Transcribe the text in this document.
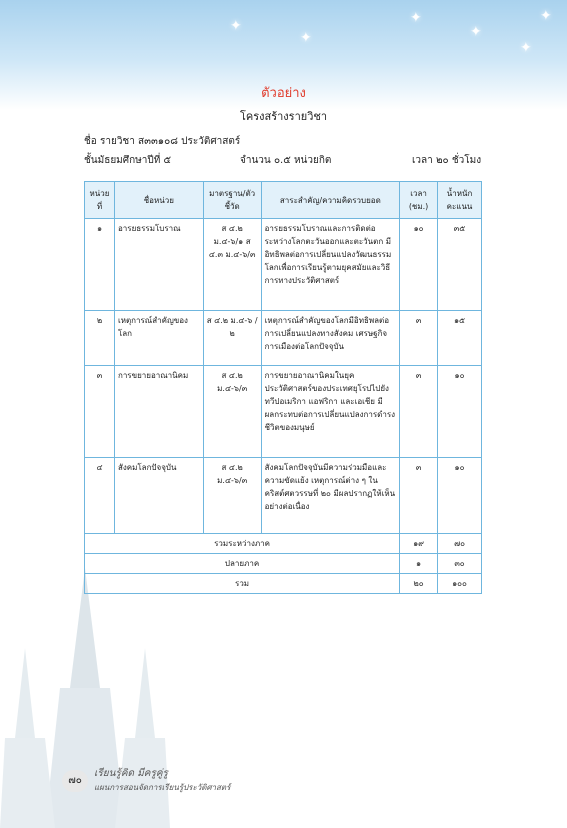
✦
✦
✦
✦
✦
✦
ตัวอย่าง
โครงสร้างรายวิชา
ชื่อ รายวิชา ส๓๓๑๐๘ ประวัติศาสตร์
ชั้นมัธยมศึกษาปีที่ ๕	จำนวน ๐.๕ หน่วยกิต	เวลา ๒๐ ชั่วโมง
หน่วยที่	ชื่อหน่วย	มาตรฐาน/ตัวชี้วัด	สาระสำคัญ/ความคิดรวบยอด	เวลา (ชม.)	น้ำหนักคะแนน
๑	อารยธรรมโบราณ	ส ๔.๒ ม.๔-๖/๑ ส ๔.๓ ม.๔-๖/๓	อารยธรรมโบราณและการติดต่อระหว่างโลกตะวันออกและตะวันตก มีอิทธิพลต่อการเปลี่ยนแปลงวัฒนธรรมโลกเพื่อการเรียนรู้ตามยุคสมัยและวิธีการทางประวัติศาสตร์	๑๐	๓๕
๒	เหตุการณ์สำคัญของโลก	ส ๔.๒ ม.๔-๖ /๒	เหตุการณ์สำคัญของโลกมีอิทธิพลต่อการเปลี่ยนแปลงทางสังคม เศรษฐกิจ การเมืองต่อโลกปัจจุบัน	๓	๑๕
๓	การขยายอาณานิคม	ส ๔.๒ ม.๔-๖/๓	การขยายอาณานิคมในยุคประวัติศาสตร์ของประเทศยุโรปไปยังทวีปอเมริกา แอฟริกา และเอเชีย มีผลกระทบต่อการเปลี่ยนแปลงการดำรงชีวิตของมนุษย์	๓	๑๐
๔	สังคมโลกปัจจุบัน	ส ๔.๒ ม.๔-๖/๓	สังคมโลกปัจจุบันมีความร่วมมือและความขัดแย้ง เหตุการณ์ต่าง ๆ ในคริสต์ศตวรรษที่ ๒๐ มีผลปรากฏให้เห็นอย่างต่อเนื่อง	๓	๑๐
รวมระหว่างภาค				๑๙	๗๐
ปลายภาค				๑	๓๐
รวม				๒๐	๑๐๐
๗๐
เรียนรู้คิด มีครูคู่รู
แผนการสอนจัดการเรียนรู้ประวัติศาสตร์
